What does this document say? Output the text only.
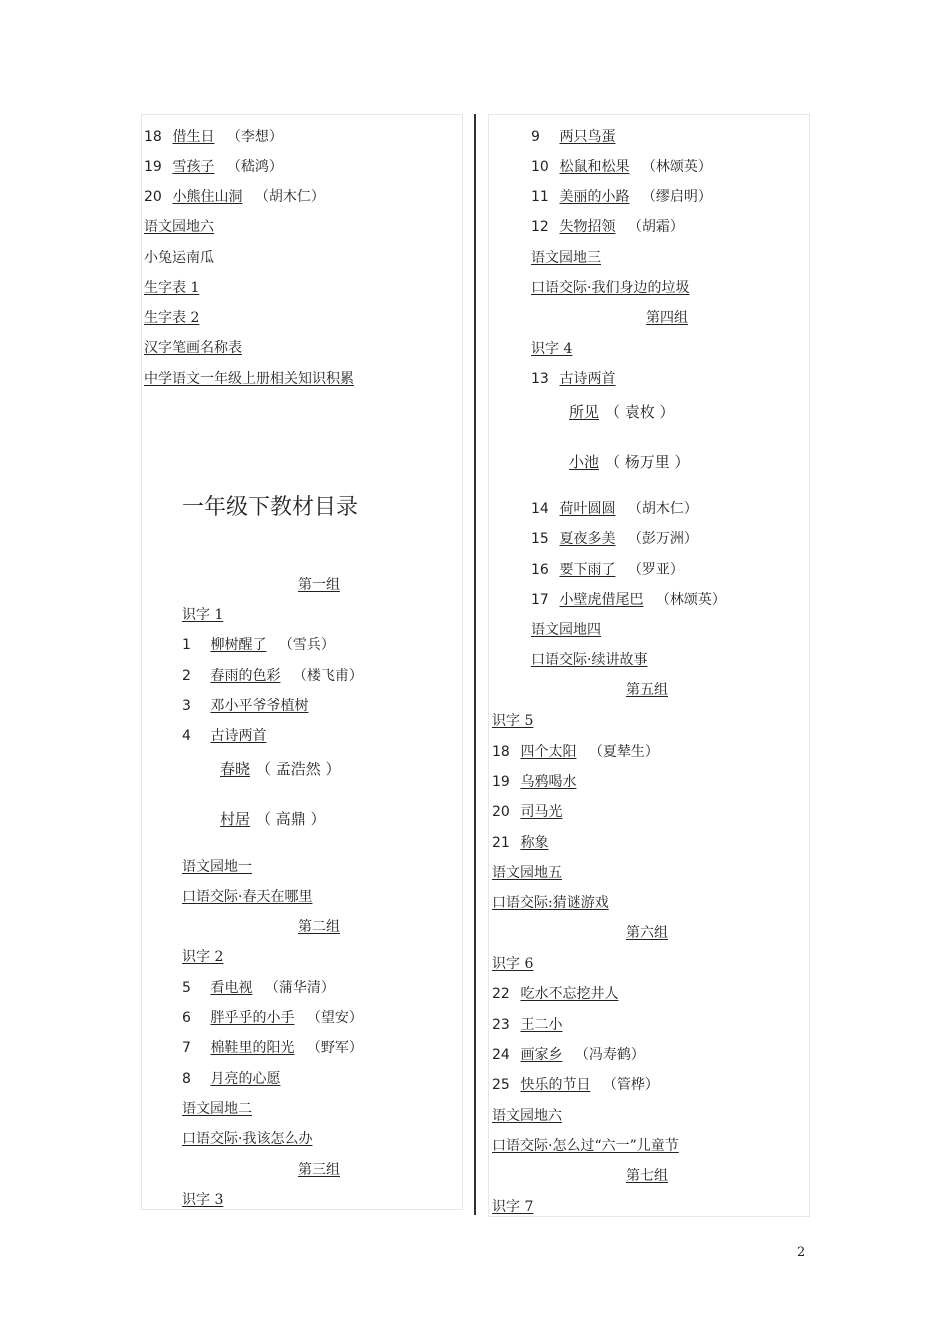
18 借生日 （李想）
19 雪孩子 （嵇鸿）
20 小熊住山洞 （胡木仁）
语文园地六
小兔运南瓜
生字表 1
生字表 2
汉字笔画名称表
中学语文一年级上册相关知识积累
一年级下教材目录
第一组
识字 1
1 柳树醒了 （雪兵）
2 春雨的色彩 （楼飞甫）
3 邓小平爷爷植树
4 古诗两首
春晓 （ 孟浩然 ）
村居 （ 高鼎 ）
语文园地一
口语交际·春天在哪里
第二组
识字 2
5 看电视 （蒲华清）
6 胖乎乎的小手 （望安）
7 棉鞋里的阳光 （野军）
8 月亮的心愿
语文园地二
口语交际·我该怎么办
第三组
识字 3
9 两只鸟蛋
10 松鼠和松果 （林颂英）
11 美丽的小路 （缪启明）
12 失物招领 （胡霜）
语文园地三
口语交际·我们身边的垃圾
第四组
识字 4
13 古诗两首
所见 （ 袁枚 ）
小池 （ 杨万里 ）
14 荷叶圆圆 （胡木仁）
15 夏夜多美 （彭万洲）
16 要下雨了 （罗亚）
17 小壁虎借尾巴 （林颂英）
语文园地四
口语交际·续讲故事
第五组
识字 5
18 四个太阳 （夏辇生）
19 乌鸦喝水
20 司马光
21 称象
语文园地五
口语交际:猜谜游戏
第六组
识字 6
22 吃水不忘挖井人
23 王二小
24 画家乡 （冯寿鹤）
25 快乐的节日 （管桦）
语文园地六
口语交际·怎么过“六一”儿童节
第七组
识字 7
2
